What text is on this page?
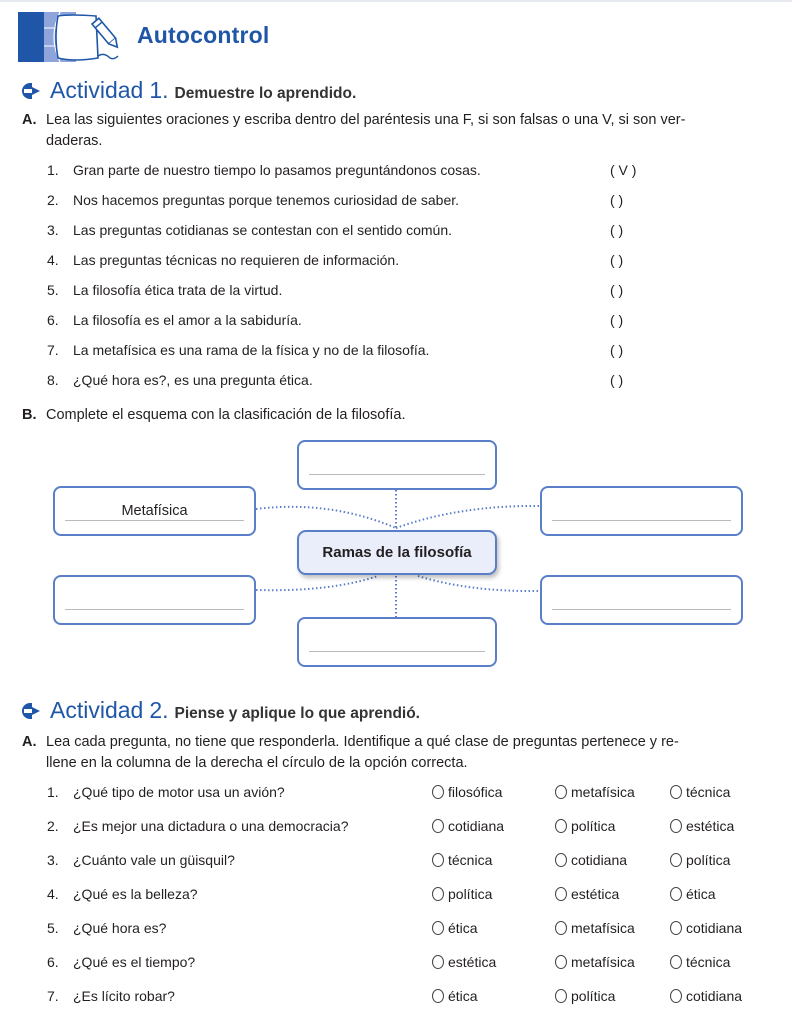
Autocontrol
Actividad 1. Demuestre lo aprendido.
A. Lea las siguientes oraciones y escriba dentro del paréntesis una F, si son falsas o una V, si son ver-
daderas.
1. Gran parte de nuestro tiempo lo pasamos preguntándonos cosas.	( V )
2. Nos hacemos preguntas porque tenemos curiosidad de saber.	( )
3. Las preguntas cotidianas se contestan con el sentido común.	( )
4. Las preguntas técnicas no requieren de información.	( )
5. La filosofía ética trata de la virtud.	( )
6. La filosofía es el amor a la sabiduría.	( )
7. La metafísica es una rama de la física y no de la filosofía.	( )
8. ¿Qué hora es?, es una pregunta ética.	( )
B. Complete el esquema con la clasificación de la filosofía.
Metafísica
Ramas de la filosofía
Actividad 2. Piense y aplique lo que aprendió.
A. Lea cada pregunta, no tiene que responderla. Identifique a qué clase de preguntas pertenece y re-
llene en la columna de la derecha el círculo de la opción correcta.
1. ¿Qué tipo de motor usa un avión?	filosófica	metafísica	técnica
2. ¿Es mejor una dictadura o una democracia?	cotidiana	política	estética
3. ¿Cuánto vale un güisquil?	técnica	cotidiana	política
4. ¿Qué es la belleza?	política	estética	ética
5. ¿Qué hora es?	ética	metafísica	cotidiana
6. ¿Qué es el tiempo?	estética	metafísica	técnica
7. ¿Es lícito robar?	ética	política	cotidiana
